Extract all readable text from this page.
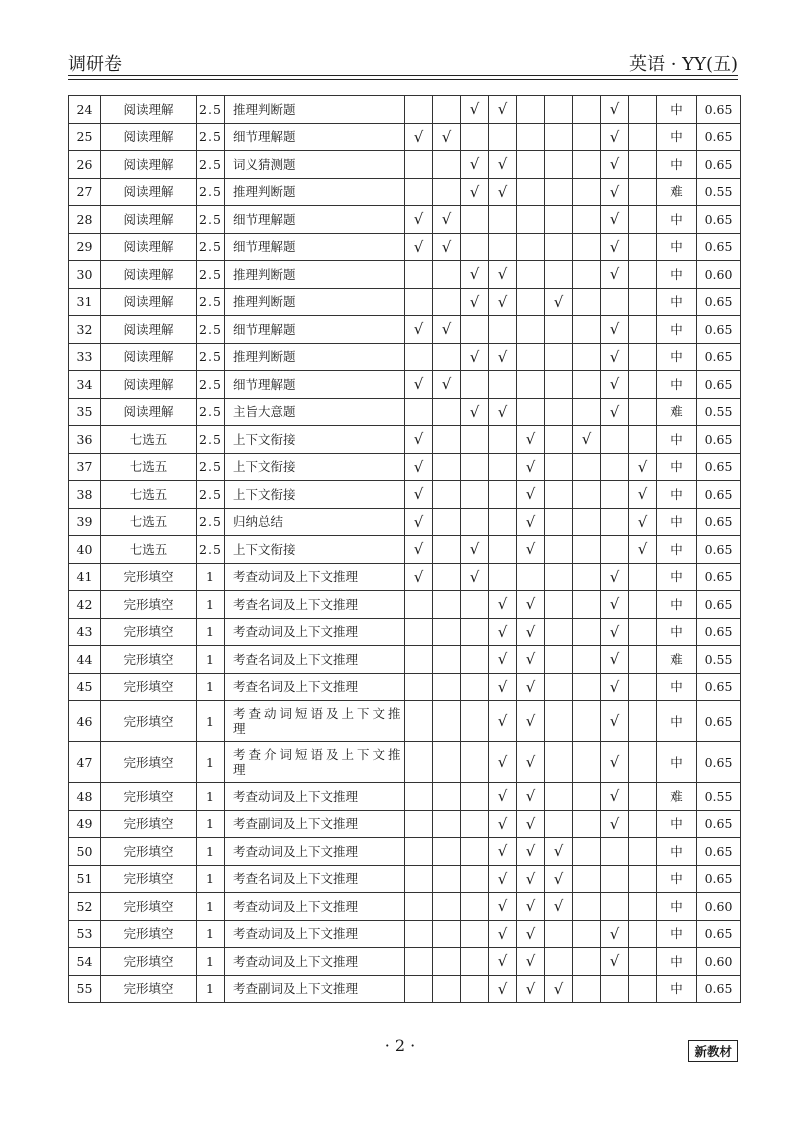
调研卷	英语 · YY(五)
24	阅读理解	2.5	推理判断题			√	√				√		中	0.65
25	阅读理解	2.5	细节理解题	√	√						√		中	0.65
26	阅读理解	2.5	词义猜测题			√	√				√		中	0.65
27	阅读理解	2.5	推理判断题			√	√				√		难	0.55
28	阅读理解	2.5	细节理解题	√	√						√		中	0.65
29	阅读理解	2.5	细节理解题	√	√						√		中	0.65
30	阅读理解	2.5	推理判断题			√	√				√		中	0.60
31	阅读理解	2.5	推理判断题			√	√		√				中	0.65
32	阅读理解	2.5	细节理解题	√	√						√		中	0.65
33	阅读理解	2.5	推理判断题			√	√				√		中	0.65
34	阅读理解	2.5	细节理解题	√	√						√		中	0.65
35	阅读理解	2.5	主旨大意题			√	√				√		难	0.55
36	七选五	2.5	上下文衔接	√				√		√			中	0.65
37	七选五	2.5	上下文衔接	√				√				√	中	0.65
38	七选五	2.5	上下文衔接	√				√				√	中	0.65
39	七选五	2.5	归纳总结	√				√				√	中	0.65
40	七选五	2.5	上下文衔接	√		√		√				√	中	0.65
41	完形填空	1	考查动词及上下文推理	√		√					√		中	0.65
42	完形填空	1	考查名词及上下文推理				√	√			√		中	0.65
43	完形填空	1	考查动词及上下文推理				√	√			√		中	0.65
44	完形填空	1	考查名词及上下文推理				√	√			√		难	0.55
45	完形填空	1	考查名词及上下文推理				√	√			√		中	0.65
46	完形填空	1	考查动词短语及上下文推理				√	√			√		中	0.65
47	完形填空	1	考查介词短语及上下文推理				√	√			√		中	0.65
48	完形填空	1	考查动词及上下文推理				√	√			√		难	0.55
49	完形填空	1	考查副词及上下文推理				√	√			√		中	0.65
50	完形填空	1	考查动词及上下文推理				√	√	√				中	0.65
51	完形填空	1	考查名词及上下文推理				√	√	√				中	0.65
52	完形填空	1	考查动词及上下文推理				√	√	√				中	0.60
53	完形填空	1	考查动词及上下文推理				√	√			√		中	0.65
54	完形填空	1	考查动词及上下文推理				√	√			√		中	0.60
55	完形填空	1	考查副词及上下文推理				√	√	√				中	0.65
· 2 ·	新教材
